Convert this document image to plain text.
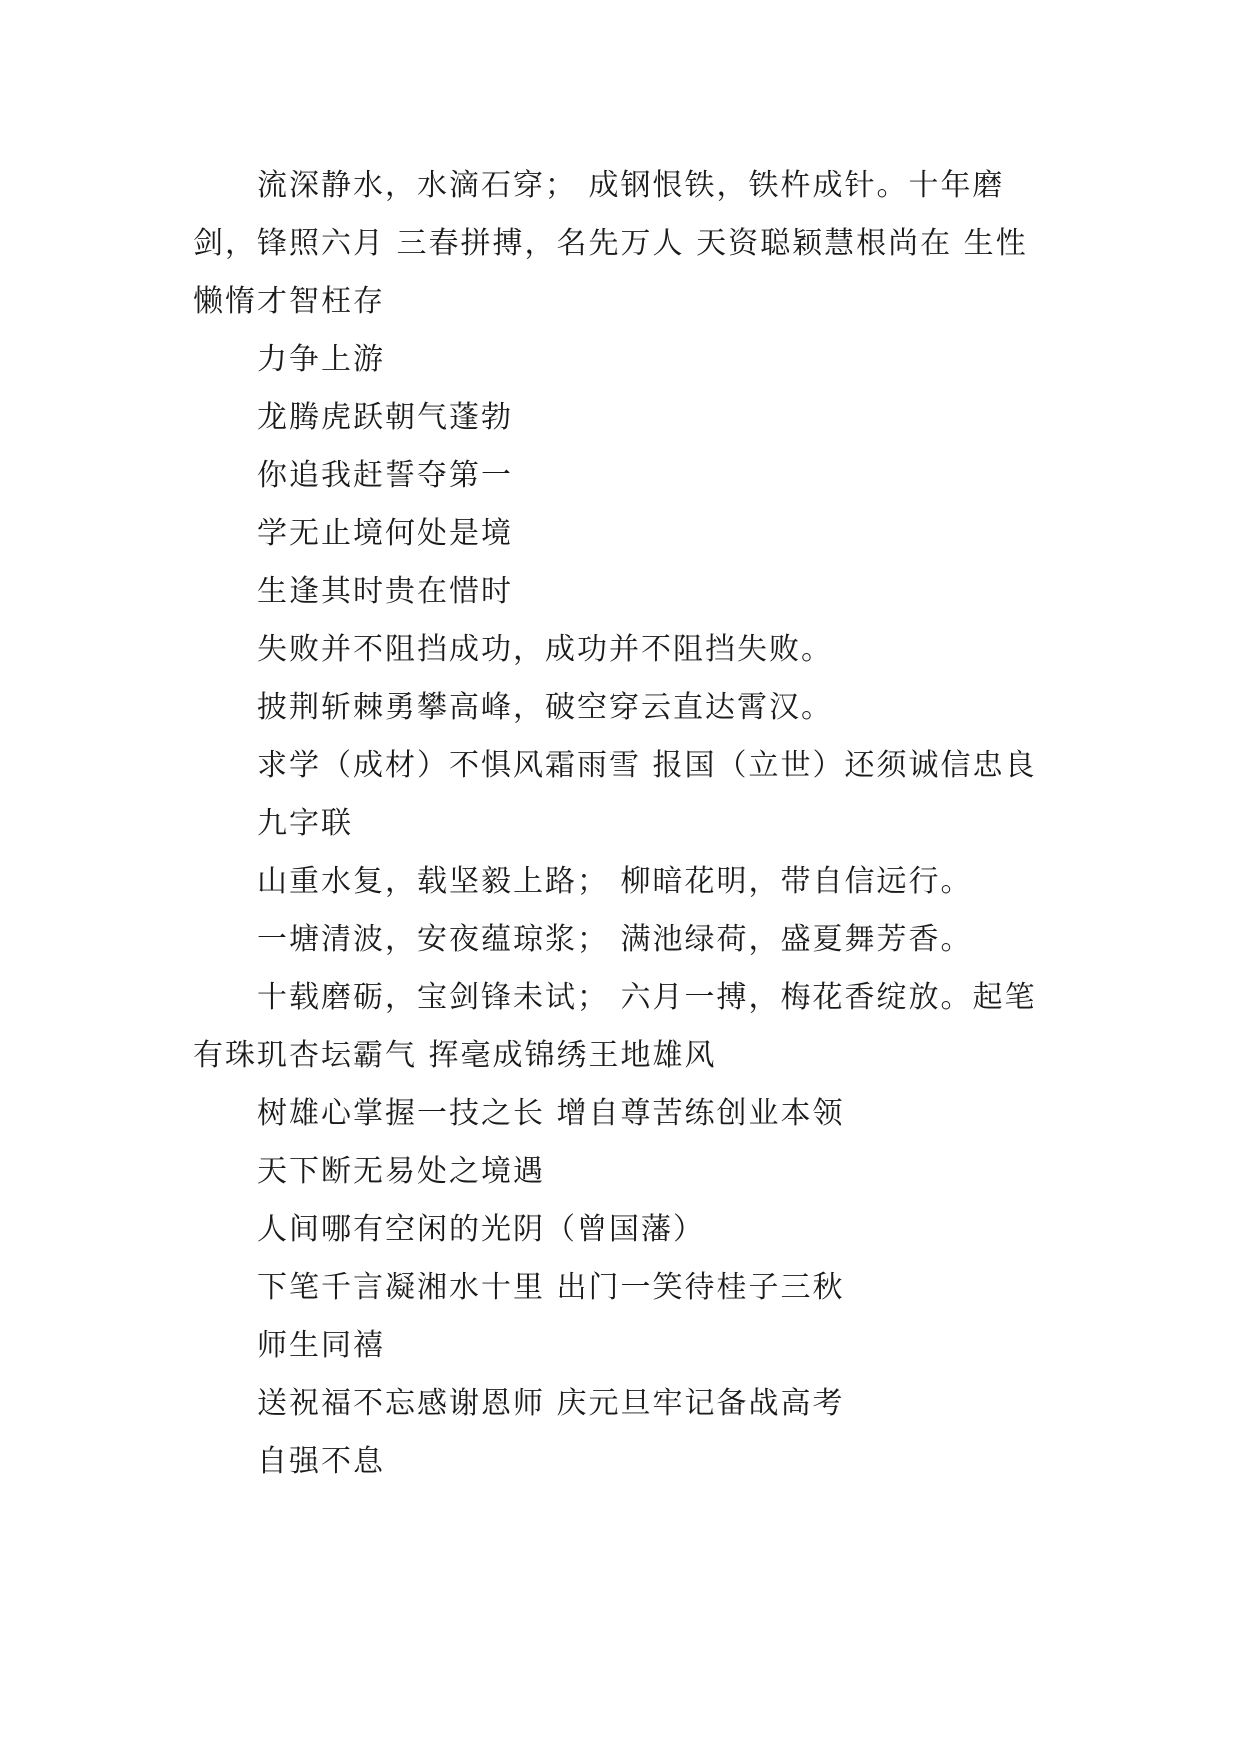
流深静水，水滴石穿； 成钢恨铁，铁杵成针。十年磨剑，锋照六月 三春拼搏，名先万人 天资聪颖慧根尚在 生性懒惰才智枉存

力争上游

龙腾虎跃朝气蓬勃

你追我赶誓夺第一

学无止境何处是境

生逢其时贵在惜时

失败并不阻挡成功，成功并不阻挡失败。

披荆斩棘勇攀高峰，破空穿云直达霄汉。

求学（成材）不惧风霜雨雪 报国（立世）还须诚信忠良

九字联

山重水复，载坚毅上路； 柳暗花明，带自信远行。

一塘清波，安夜蕴琼浆； 满池绿荷，盛夏舞芳香。

十载磨砺，宝剑锋未试； 六月一搏，梅花香绽放。起笔有珠玑杏坛霸气 挥毫成锦绣王地雄风

树雄心掌握一技之长 增自尊苦练创业本领

天下断无易处之境遇

人间哪有空闲的光阴（曾国藩）

下笔千言凝湘水十里 出门一笑待桂子三秋

师生同禧

送祝福不忘感谢恩师 庆元旦牢记备战高考

自强不息
